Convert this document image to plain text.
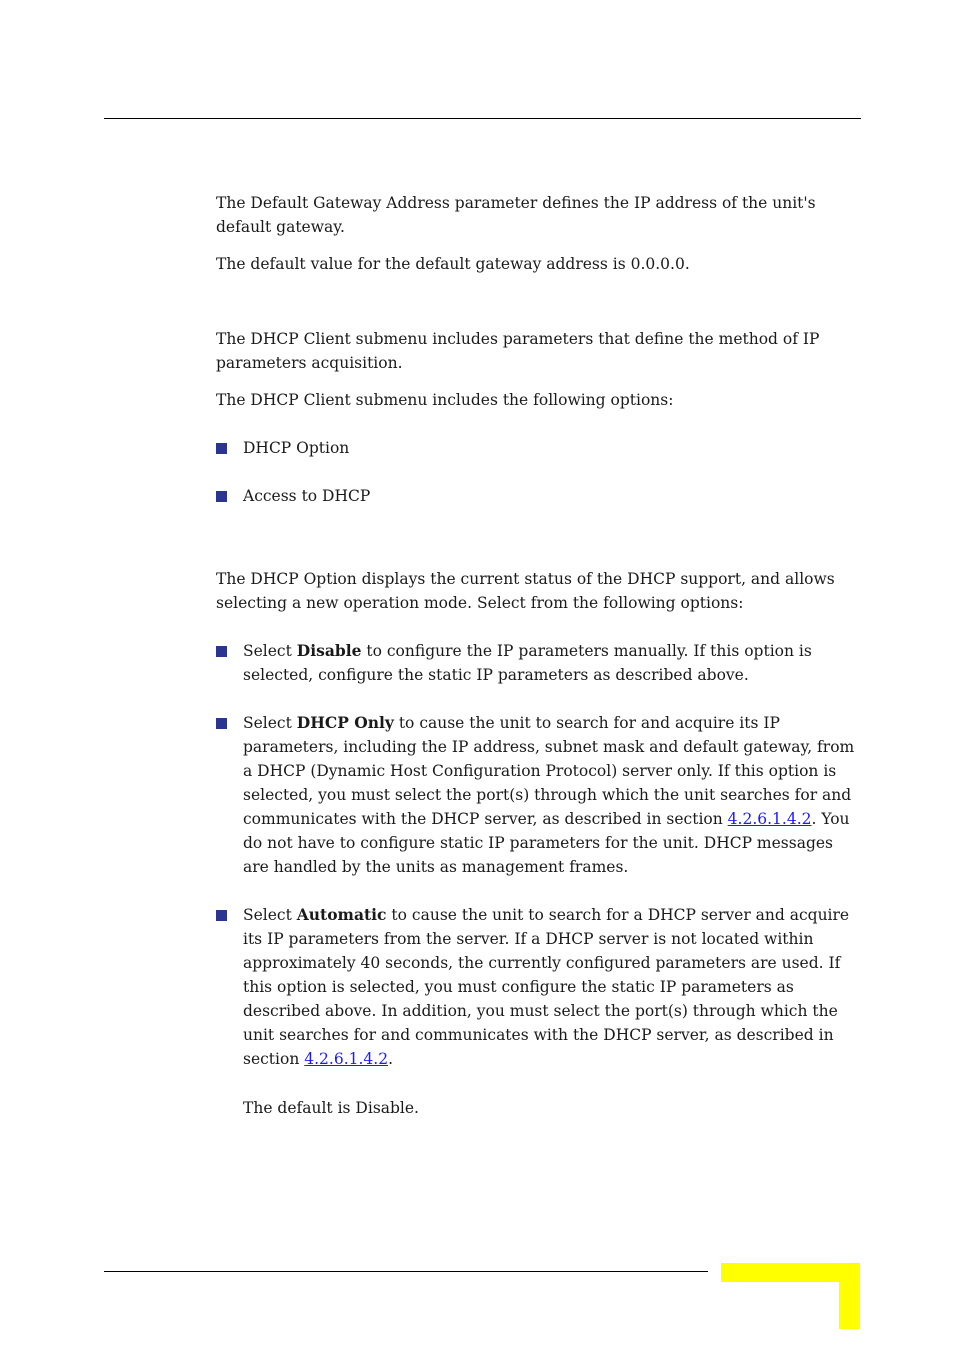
The Default Gateway Address parameter defines the IP address of the unit's default gateway.

The default value for the default gateway address is 0.0.0.0.

The DHCP Client submenu includes parameters that define the method of IP parameters acquisition.

The DHCP Client submenu includes the following options:

DHCP Option

Access to DHCP

The DHCP Option displays the current status of the DHCP support, and allows selecting a new operation mode. Select from the following options:

Select Disable to configure the IP parameters manually. If this option is selected, configure the static IP parameters as described above.

Select DHCP Only to cause the unit to search for and acquire its IP parameters, including the IP address, subnet mask and default gateway, from a DHCP (Dynamic Host Configuration Protocol) server only. If this option is selected, you must select the port(s) through which the unit searches for and communicates with the DHCP server, as described in section 4.2.6.1.4.2. You do not have to configure static IP parameters for the unit. DHCP messages are handled by the units as management frames.

Select Automatic to cause the unit to search for a DHCP server and acquire its IP parameters from the server. If a DHCP server is not located within approximately 40 seconds, the currently configured parameters are used. If this option is selected, you must configure the static IP parameters as described above. In addition, you must select the port(s) through which the unit searches for and communicates with the DHCP server, as described in section 4.2.6.1.4.2.

The default is Disable.
